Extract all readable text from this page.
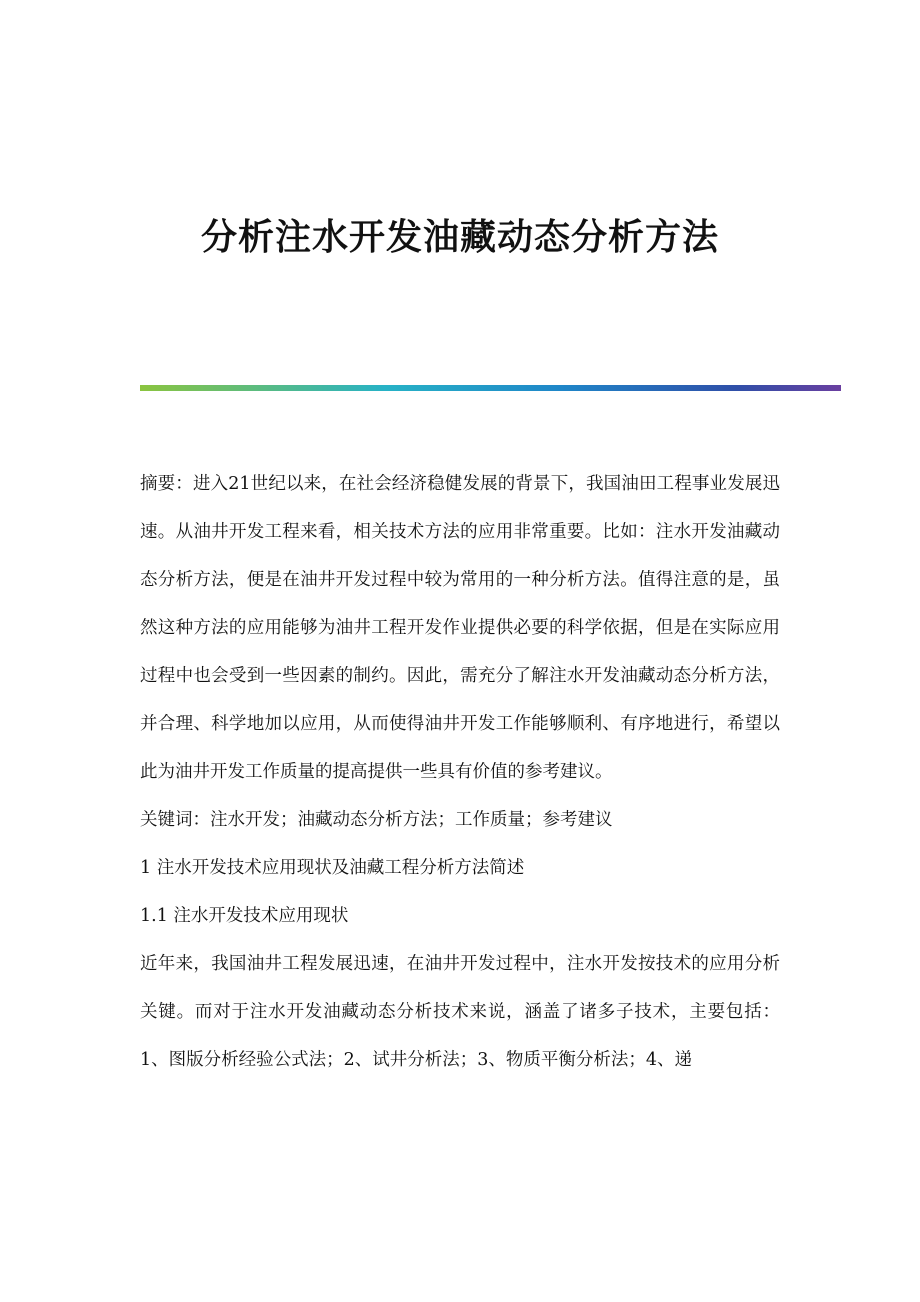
分析注水开发油藏动态分析方法

摘要：进入21世纪以来，在社会经济稳健发展的背景下，我国油田工程事业发展迅速。从油井开发工程来看，相关技术方法的应用非常重要。比如：注水开发油藏动态分析方法，便是在油井开发过程中较为常用的一种分析方法。值得注意的是，虽然这种方法的应用能够为油井工程开发作业提供必要的科学依据，但是在实际应用过程中也会受到一些因素的制约。因此，需充分了解注水开发油藏动态分析方法，并合理、科学地加以应用，从而使得油井开发工作能够顺利、有序地进行，希望以此为油井开发工作质量的提高提供一些具有价值的参考建议。

关键词：注水开发；油藏动态分析方法；工作质量；参考建议

1 注水开发技术应用现状及油藏工程分析方法简述

1.1 注水开发技术应用现状

近年来，我国油井工程发展迅速，在油井开发过程中，注水开发按技术的应用分析关键。而对于注水开发油藏动态分析技术来说，涵盖了诸多子技术，主要包括：1、图版分析经验公式法；2、试井分析法；3、物质平衡分析法；4、递
